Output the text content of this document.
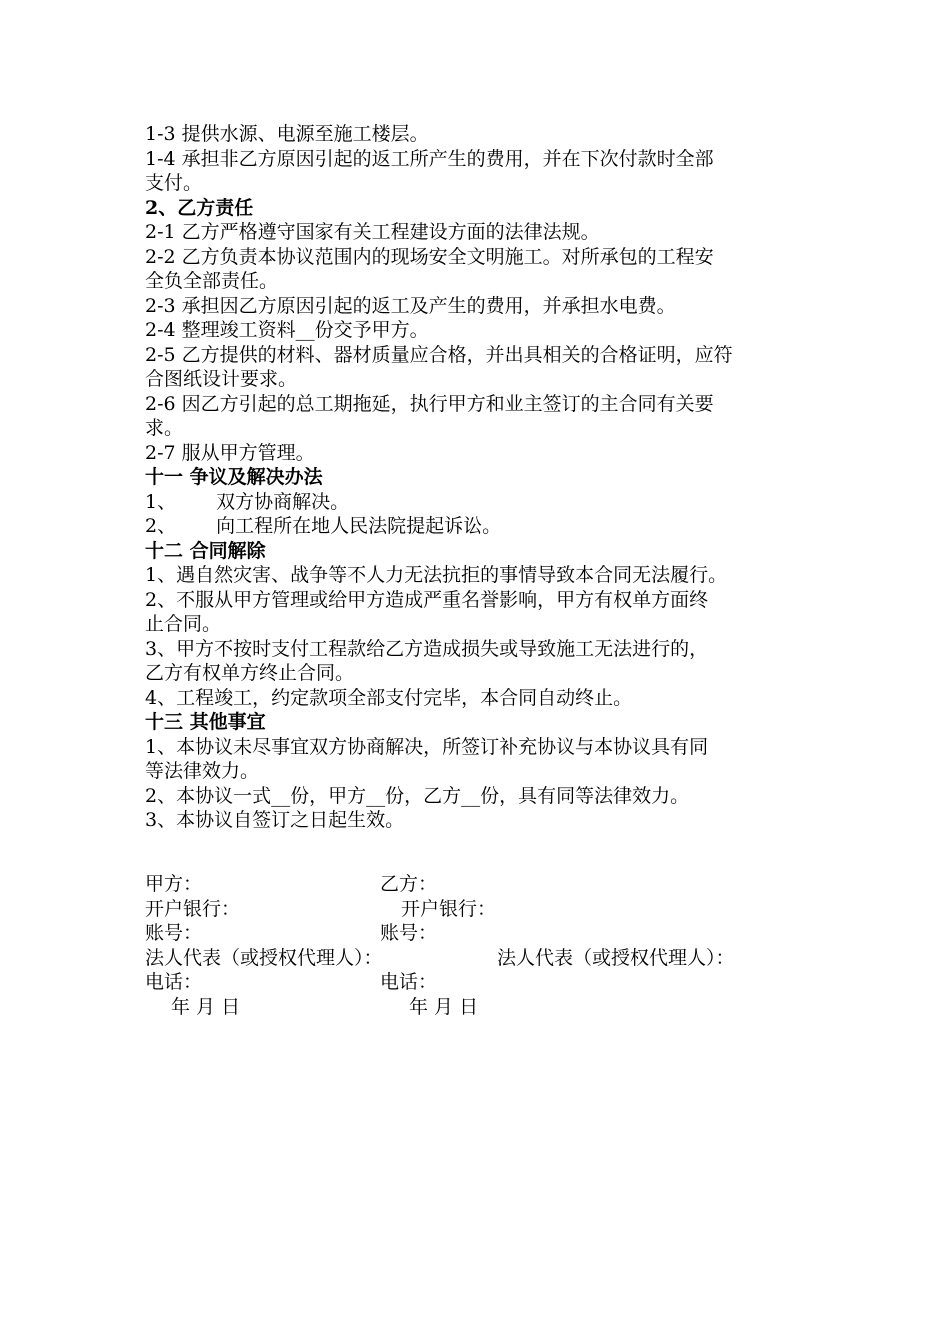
1-3 提供水源、电源至施工楼层。
1-4 承担非乙方原因引起的返工所产生的费用，并在下次付款时全部
支付。
2、乙方责任
2-1 乙方严格遵守国家有关工程建设方面的法律法规。
2-2 乙方负责本协议范围内的现场安全文明施工。对所承包的工程安
全负全部责任。
2-3 承担因乙方原因引起的返工及产生的费用，并承担水电费。
2-4 整理竣工资料__份交予甲方。
2-5 乙方提供的材料、器材质量应合格，并出具相关的合格证明，应符
合图纸设计要求。
2-6 因乙方引起的总工期拖延，执行甲方和业主签订的主合同有关要
求。
2-7 服从甲方管理。
十一 争议及解决办法
1、 双方协商解决。
2、 向工程所在地人民法院提起诉讼。
十二 合同解除
1、遇自然灾害、战争等不人力无法抗拒的事情导致本合同无法履行。
2、不服从甲方管理或给甲方造成严重名誉影响，甲方有权单方面终
止合同。
3、甲方不按时支付工程款给乙方造成损失或导致施工无法进行的，
乙方有权单方终止合同。
4、工程竣工，约定款项全部支付完毕，本合同自动终止。
十三 其他事宜
1、本协议未尽事宜双方协商解决，所签订补充协议与本协议具有同
等法律效力。
2、本协议一式__份，甲方__份，乙方__份，具有同等法律效力。
3、本协议自签订之日起生效。
甲方：	乙方：
开户银行：	开户银行：
账号：	账号：
法人代表（或授权代理人）：	法人代表（或授权代理人）：
电话：	电话：
年 月 日	年 月 日
